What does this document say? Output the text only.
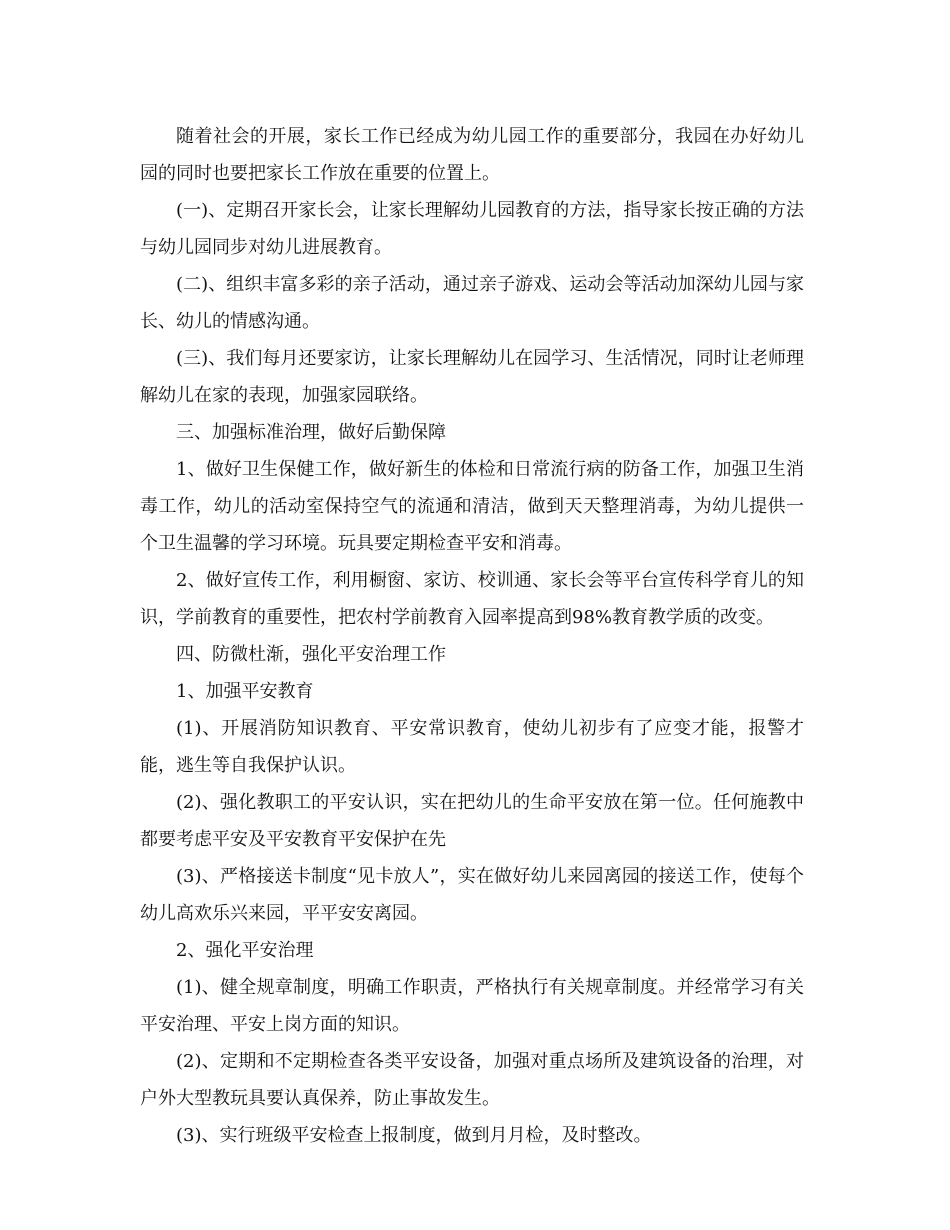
随着社会的开展，家长工作已经成为幼儿园工作的重要部分，我园在办好幼儿园的同时也要把家长工作放在重要的位置上。

(一)、定期召开家长会，让家长理解幼儿园教育的方法，指导家长按正确的方法与幼儿园同步对幼儿进展教育。

(二)、组织丰富多彩的亲子活动，通过亲子游戏、运动会等活动加深幼儿园与家长、幼儿的情感沟通。

(三)、我们每月还要家访，让家长理解幼儿在园学习、生活情况，同时让老师理解幼儿在家的表现，加强家园联络。

三、加强标准治理，做好后勤保障

1、做好卫生保健工作，做好新生的体检和日常流行病的防备工作，加强卫生消毒工作，幼儿的活动室保持空气的流通和清洁，做到天天整理消毒，为幼儿提供一个卫生温馨的学习环境。玩具要定期检查平安和消毒。

2、做好宣传工作，利用橱窗、家访、校训通、家长会等平台宣传科学育儿的知识，学前教育的重要性，把农村学前教育入园率提高到98%教育教学质的改变。

四、防微杜渐，强化平安治理工作

1、加强平安教育

(1)、开展消防知识教育、平安常识教育，使幼儿初步有了应变才能，报警才能，逃生等自我保护认识。

(2)、强化教职工的平安认识，实在把幼儿的生命平安放在第一位。任何施教中都要考虑平安及平安教育平安保护在先

(3)、严格接送卡制度“见卡放人”，实在做好幼儿来园离园的接送工作，使每个幼儿高欢乐兴来园，平平安安离园。

2、强化平安治理

(1)、健全规章制度，明确工作职责，严格执行有关规章制度。并经常学习有关平安治理、平安上岗方面的知识。

(2)、定期和不定期检查各类平安设备，加强对重点场所及建筑设备的治理，对户外大型教玩具要认真保养，防止事故发生。

(3)、实行班级平安检查上报制度，做到月月检，及时整改。
